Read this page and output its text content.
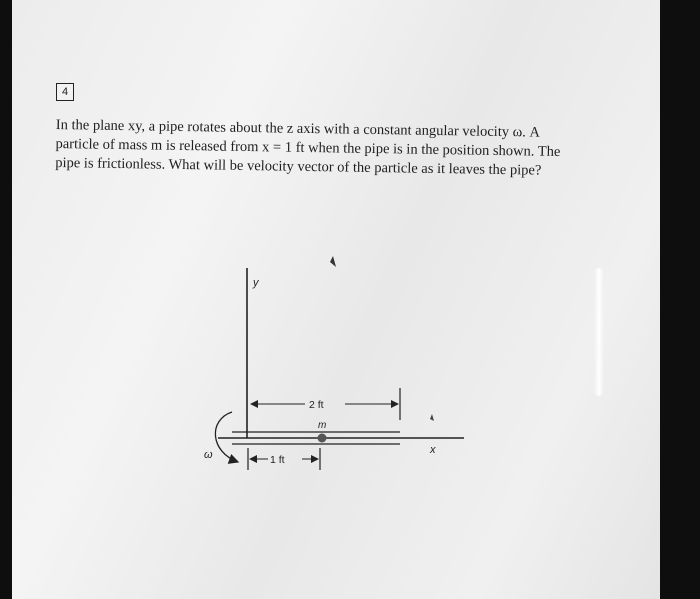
4
In the plane xy, a pipe rotates about the z axis with a constant angular velocity ω. A
particle of mass m is released from x = 1 ft when the pipe is in the position shown. The
pipe is frictionless. What will be velocity vector of the particle as it leaves the pipe?
y
x
m
2 ft
1 ft
ω
